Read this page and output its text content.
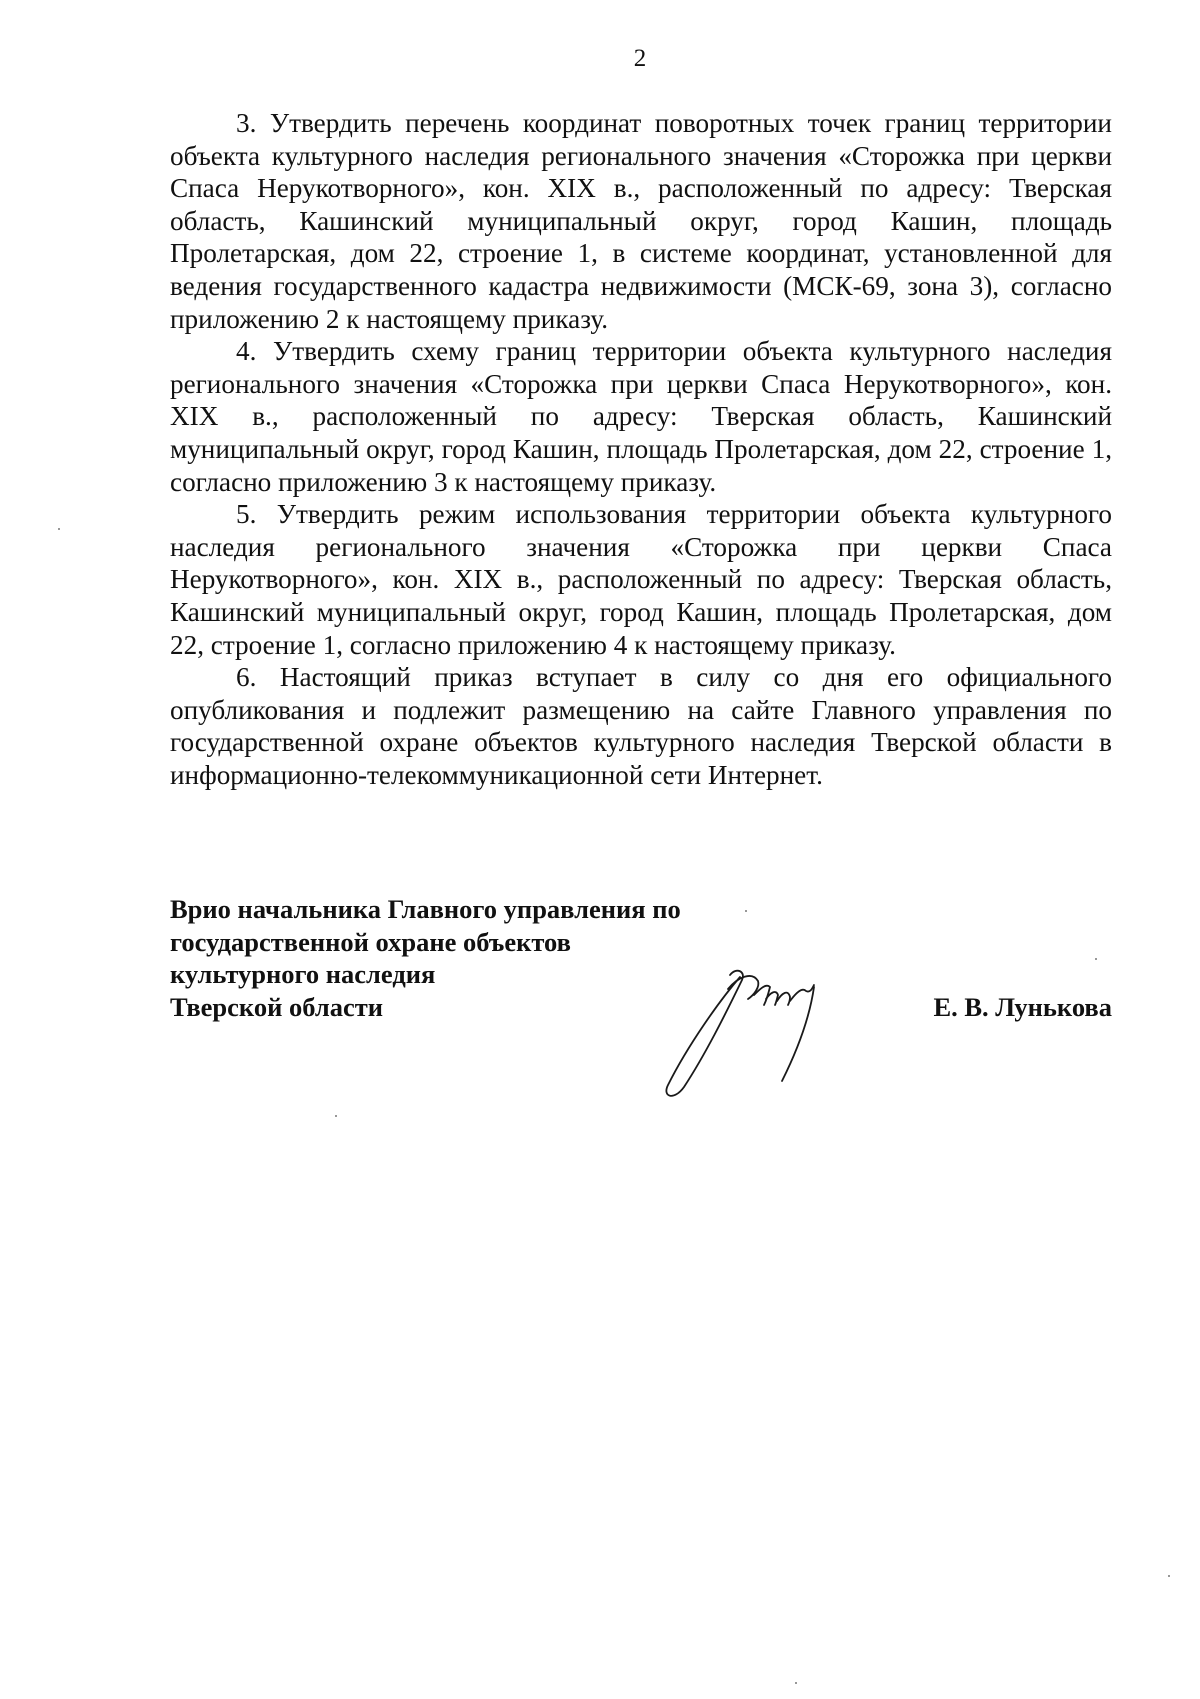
2

3. Утвердить перечень координат поворотных точек границ территории объекта культурного наследия регионального значения «Сторожка при церкви Спаса Нерукотворного», кон. XIX в., расположенный по адресу: Тверская область, Кашинский муниципальный округ, город Кашин, площадь Пролетарская, дом 22, строение 1, в системе координат, установленной для ведения государственного кадастра недвижимости (МСК-69, зона 3), согласно приложению 2 к настоящему приказу.

4. Утвердить схему границ территории объекта культурного наследия регионального значения «Сторожка при церкви Спаса Нерукотворного», кон. XIX в., расположенный по адресу: Тверская область, Кашинский муниципальный округ, город Кашин, площадь Пролетарская, дом 22, строение 1, согласно приложению 3 к настоящему приказу.

5. Утвердить режим использования территории объекта культурного наследия регионального значения «Сторожка при церкви Спаса Нерукотворного», кон. XIX в., расположенный по адресу: Тверская область, Кашинский муниципальный округ, город Кашин, площадь Пролетарская, дом 22, строение 1, согласно приложению 4 к настоящему приказу.

6. Настоящий приказ вступает в силу со дня его официального опубликования и подлежит размещению на сайте Главного управления по государственной охране объектов культурного наследия Тверской области в информационно-телекоммуникационной сети Интернет.

Врио начальника Главного управления по
государственной охране объектов
культурного наследия
Тверской области	Е. В. Лунькова
